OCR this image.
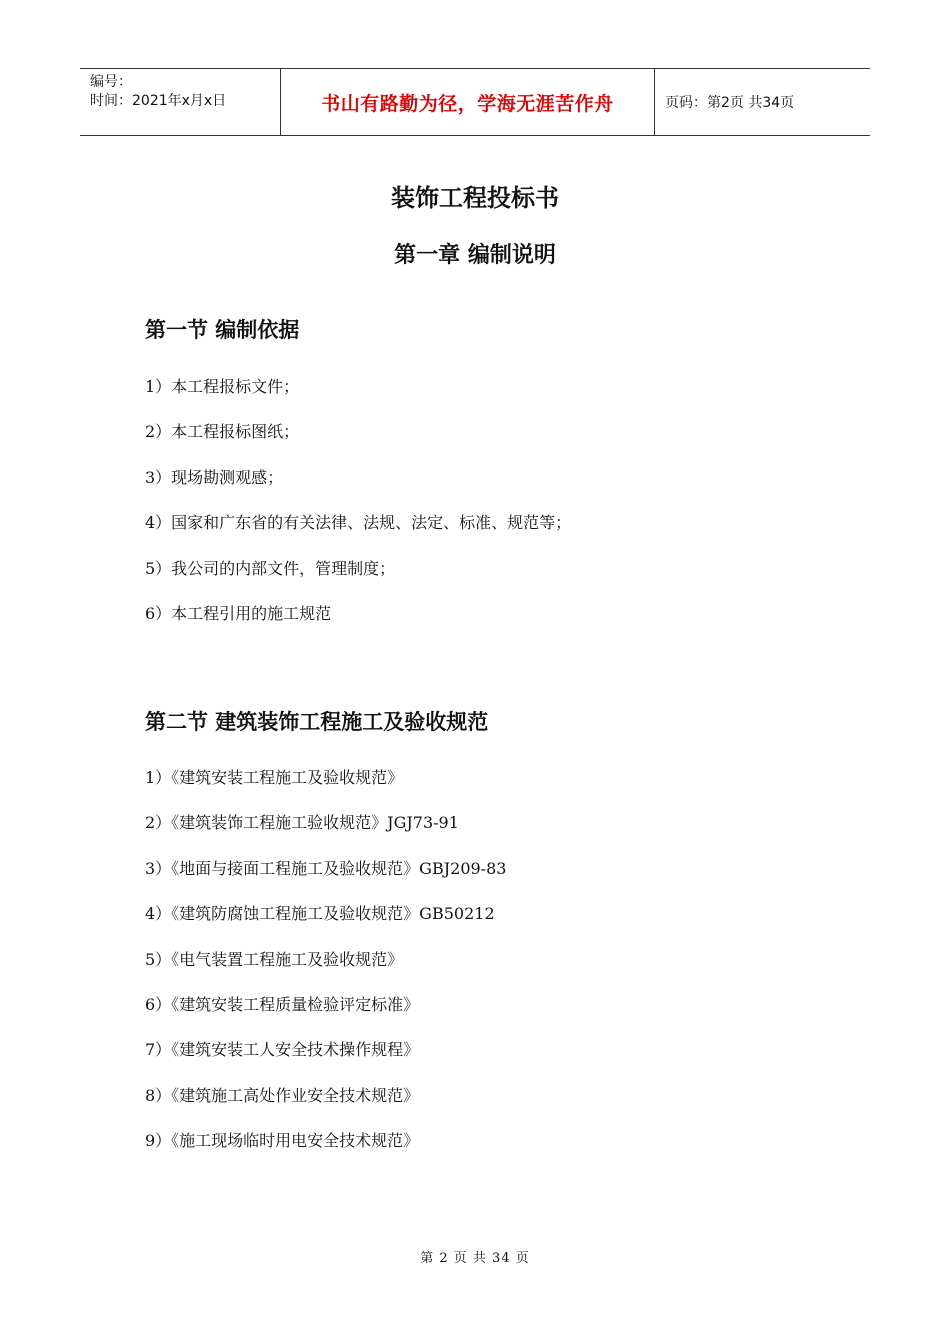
编号：
时间：2021年x月x日	书山有路勤为径，学海无涯苦作舟	页码：第2页 共34页
装饰工程投标书
第一章 编制说明
第一节 编制依据
1）本工程报标文件；
2）本工程报标图纸；
3）现场勘测观感；
4）国家和广东省的有关法律、法规、法定、标准、规范等；
5）我公司的内部文件，管理制度；
6）本工程引用的施工规范
第二节 建筑装饰工程施工及验收规范
1）《建筑安装工程施工及验收规范》
2）《建筑装饰工程施工验收规范》JGJ73-91
3）《地面与接面工程施工及验收规范》GBJ209-83
4）《建筑防腐蚀工程施工及验收规范》GB50212
5）《电气装置工程施工及验收规范》
6）《建筑安装工程质量检验评定标准》
7）《建筑安装工人安全技术操作规程》
8）《建筑施工高处作业安全技术规范》
9）《施工现场临时用电安全技术规范》
第 2 页 共 34 页
